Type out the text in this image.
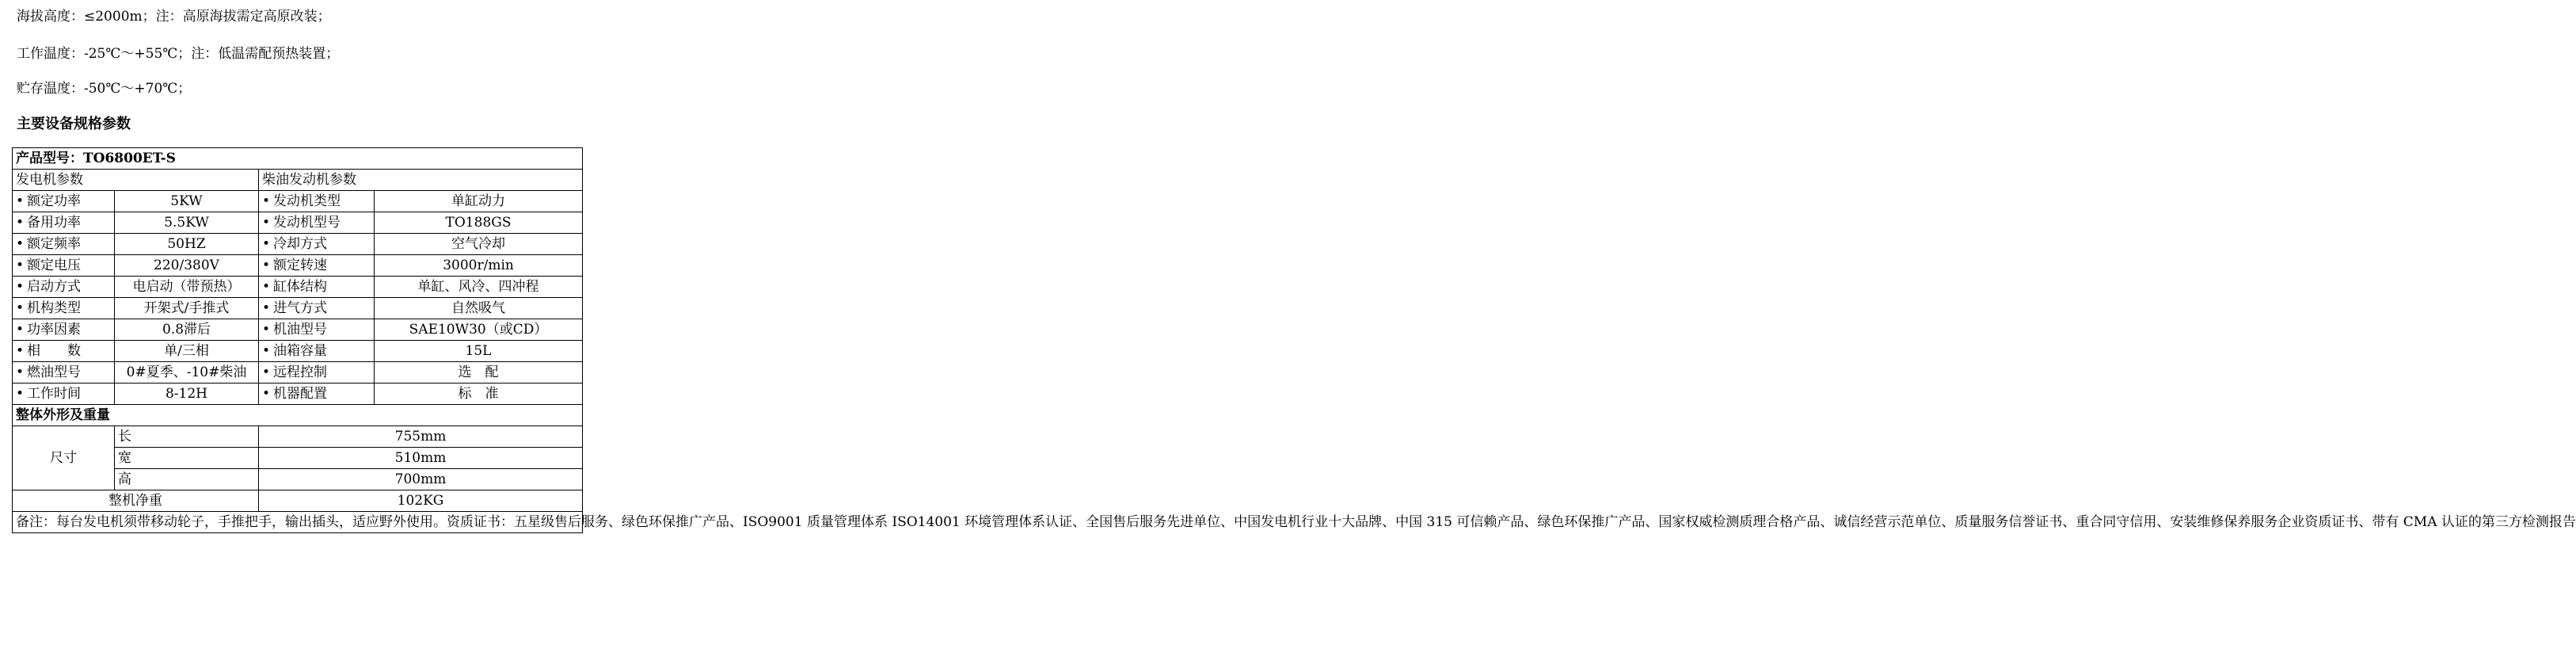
海拔高度：≤2000m；注：高原海拔需定高原改装；
工作温度：-25℃～+55℃；注：低温需配预热装置；
贮存温度：-50℃～+70℃；
主要设备规格参数
产品型号：TO6800ET-S			
发电机参数		柴油发动机参数	
• 额定功率	5KW	• 发动机类型	单缸动力
• 备用功率	5.5KW	• 发动机型号	TO188GS
• 额定频率	50HZ	• 冷却方式	空气冷却
• 额定电压	220/380V	• 额定转速	3000r/min
• 启动方式	电启动（带预热）	• 缸体结构	单缸、风冷、四冲程
• 机构类型	开架式/手推式	• 进气方式	自然吸气
• 功率因素	0.8滞后	• 机油型号	SAE10W30（或CD）
• 相　　数	单/三相	• 油箱容量	15L
• 燃油型号	0#夏季、-10#柴油	• 远程控制	选　配
• 工作时间	8-12H	• 机器配置	标　准
整体外形及重量			
尺寸	长	755mm	
	宽	510mm	
	高	700mm	
整机净重		102KG	
备注：每台发电机须带移动轮子，手推把手，输出插头，适应野外使用。资质证书：五星级售后服务、绿色环保推广产品、ISO9001 质量管理体系 ISO14001 环境管理体系认证、全国售后服务先进单位、中国发电机行业十大品牌、中国 315 可信赖产品、绿色环保推广产品、国家权威检测质理合格产品、诚信经营示范单位、质量服务信誉证书、重合同守信用、安装维修保养服务企业资质证书、带有 CMA 认证的第三方检测报告			
